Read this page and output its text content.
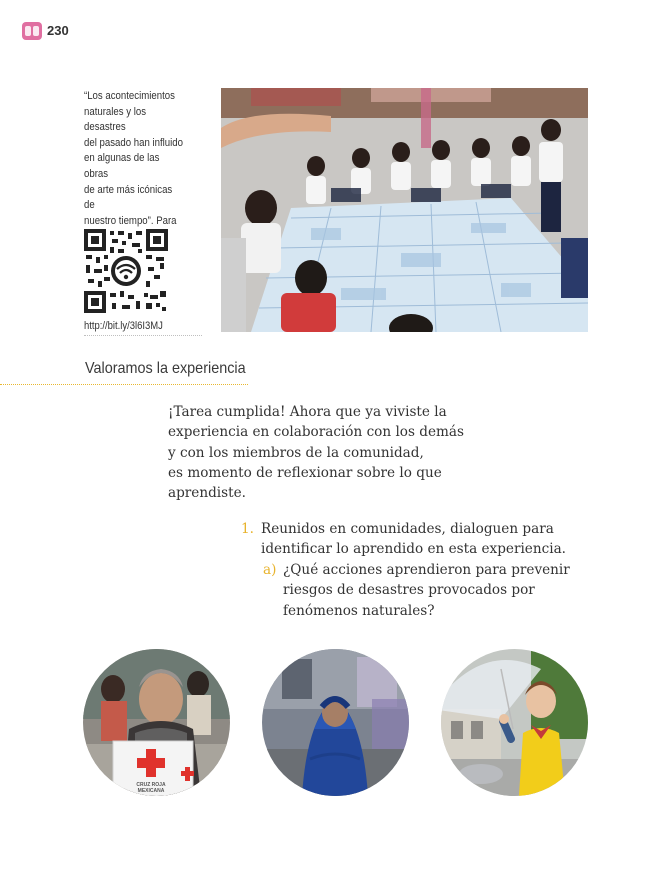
230
“Los acontecimientos
naturales y los desastres
del pasado han influido
en algunas de las obras
de arte más icónicas de
nuestro tiempo”. Para
http://bit.ly/3l6I3MJ
Valoramos la experiencia
¡Tarea cumplida! Ahora que ya viviste la
experiencia en colaboración con los demás
y con los miembros de la comunidad,
es momento de reflexionar sobre lo que
aprendiste.
1. Reunidos en comunidades, dialoguen para
identificar lo aprendido en esta experiencia.
a) ¿Qué acciones aprendieron para prevenir
riesgos de desastres provocados por
fenómenos naturales?
CRUZ ROJA
MEXICANA
